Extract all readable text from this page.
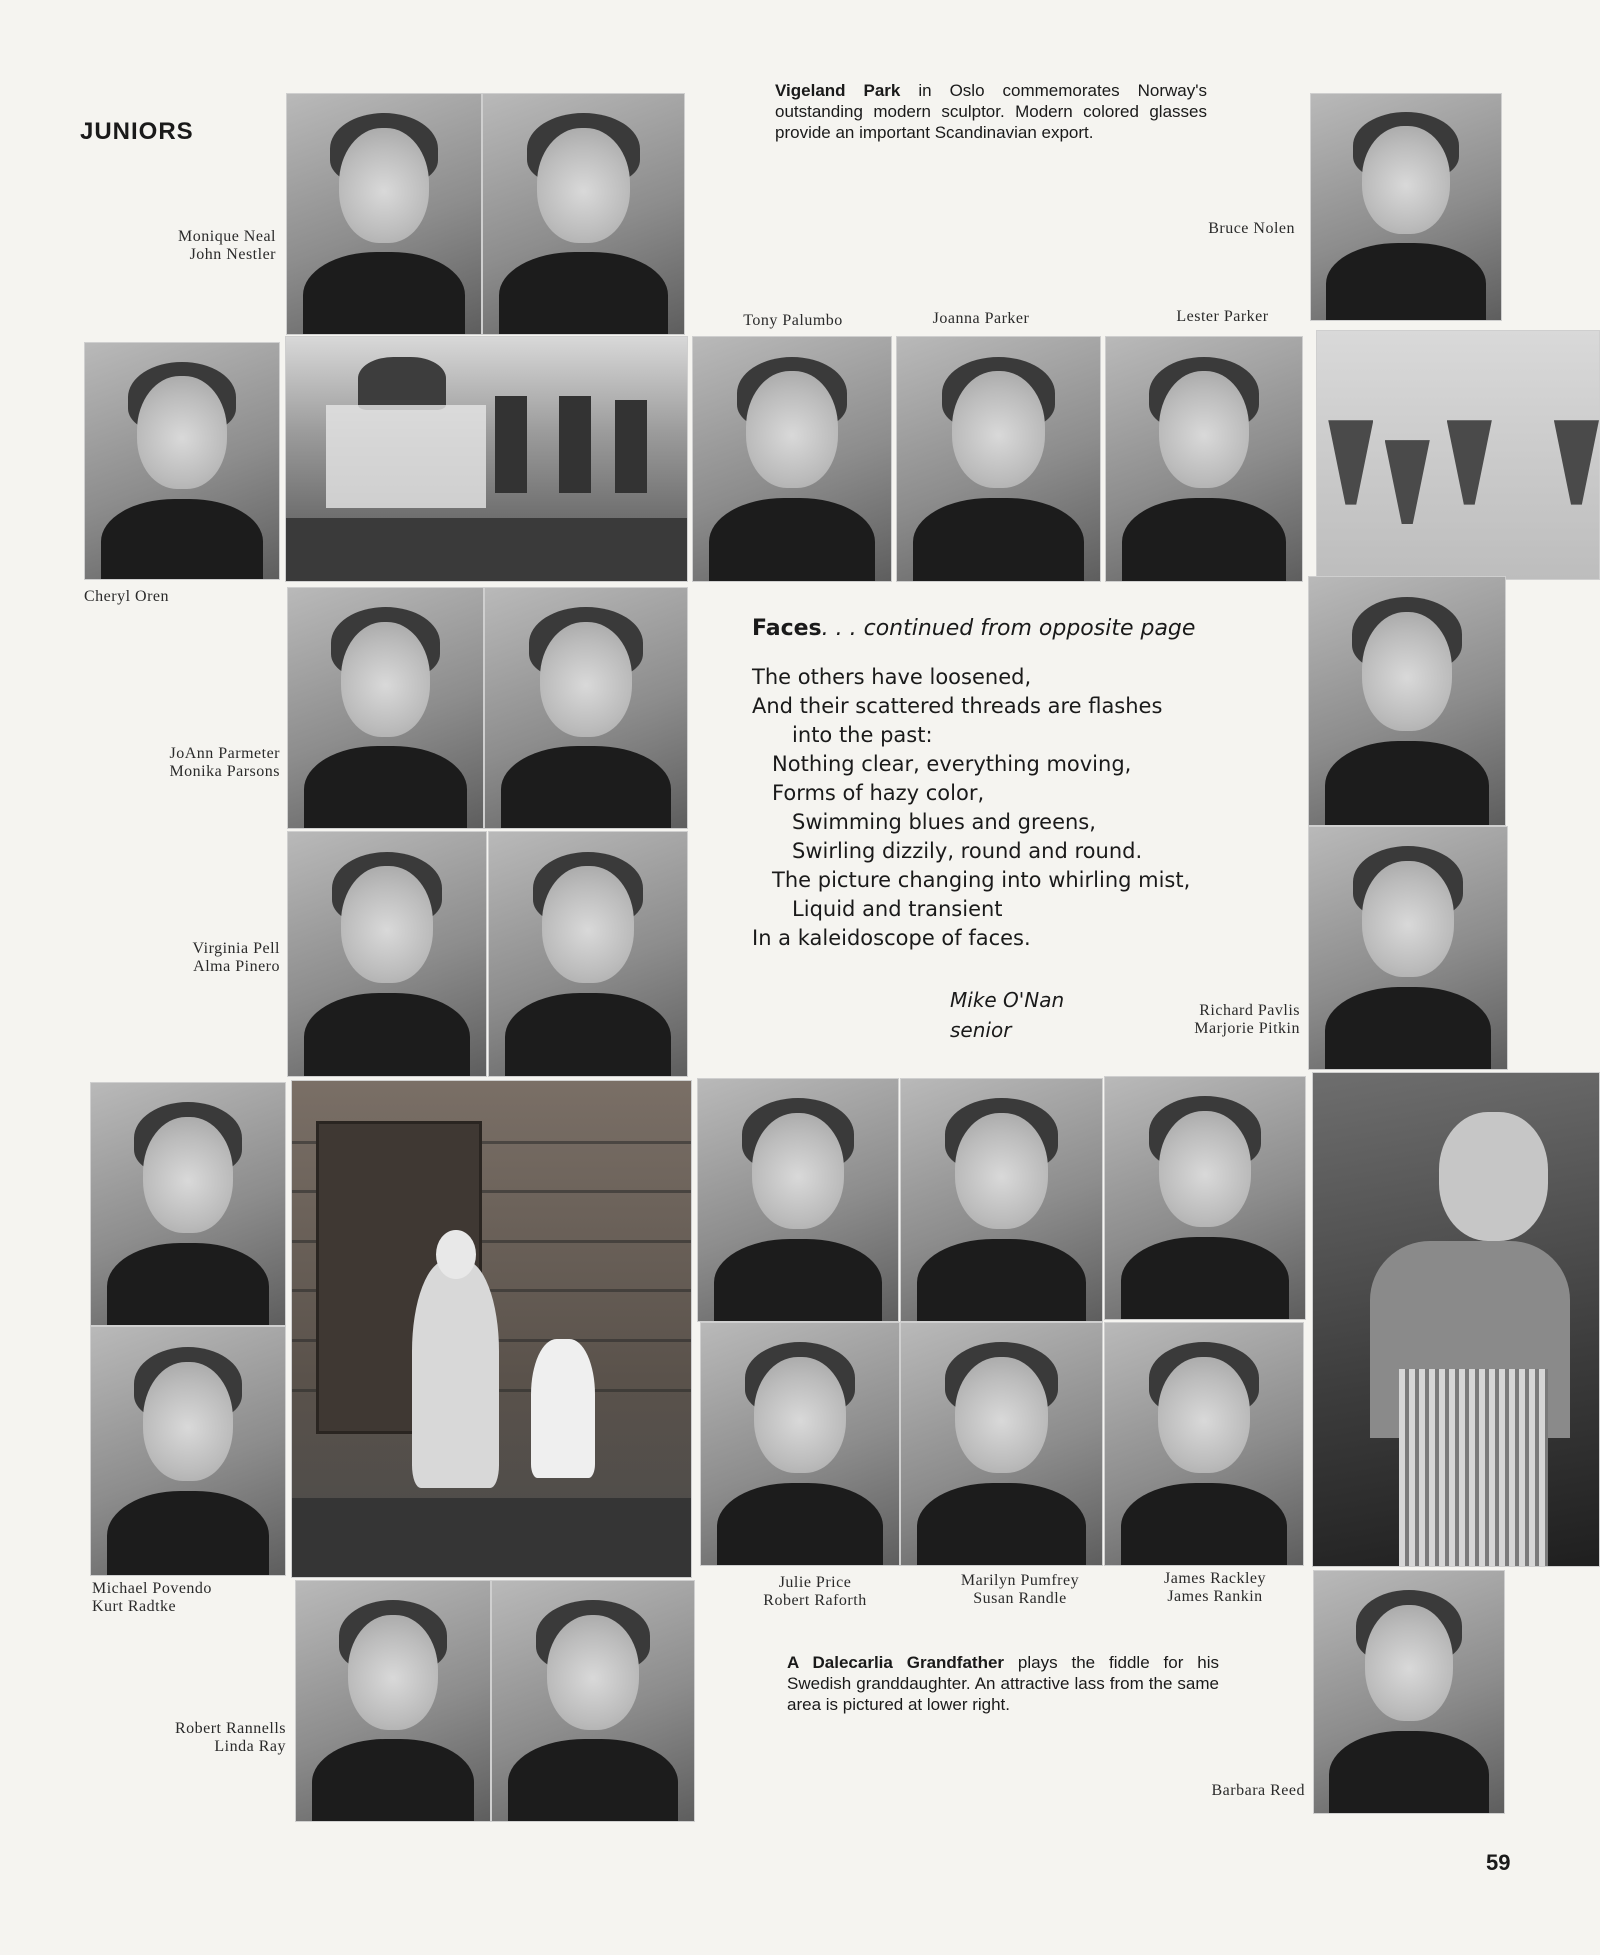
JUNIORS
Vigeland Park in Oslo commemorates Norway's outstanding modern sculptor. Modern colored glasses provide an important Scandinavian export.
Monique Neal
John Nestler
Bruce Nolen
Tony Palumbo	Joanna Parker	Lester Parker
Cheryl Oren
JoAnn Parmeter
Monika Parsons
Virginia Pell
Alma Pinero
Faces. . . continued from opposite page
The others have loosened,
And their scattered threads are flashes
into the past:
Nothing clear, everything moving,
Forms of hazy color,
Swimming blues and greens,
Swirling dizzily, round and round.
The picture changing into whirling mist,
Liquid and transient
In a kaleidoscope of faces.
Mike O'Nan
senior
Richard Pavlis
Marjorie Pitkin
Michael Povendo
Kurt Radtke
Julie Price
Robert Raforth
Marilyn Pumfrey
Susan Randle
James Rackley
James Rankin
Robert Rannells
Linda Ray
A Dalecarlia Grandfather plays the fiddle for his Swedish granddaughter. An attractive lass from the same area is pictured at lower right.
Barbara Reed
59
